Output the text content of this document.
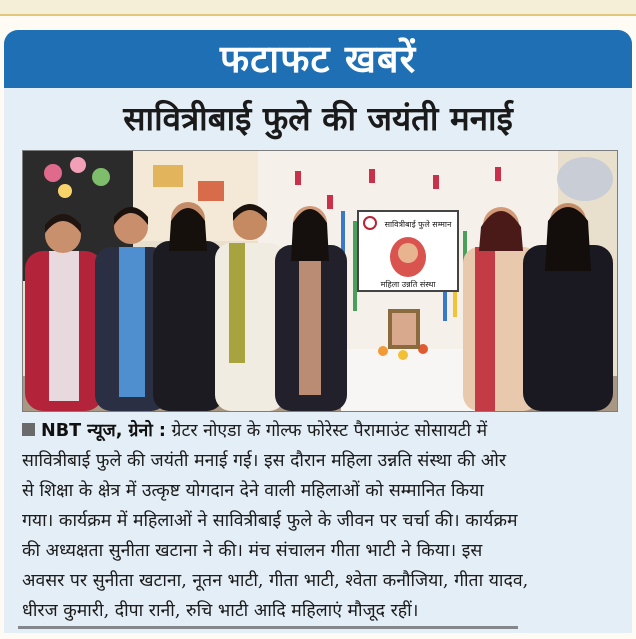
फटाफट खबरें
सावित्रीबाई फुले की जयंती मनाई
सावित्रीबाई फुले सम्मान
महिला उन्नति संस्था
NBT न्यूज, ग्रेनो : ग्रेटर नोएडा के गोल्फ फोरेस्ट पैरामाउंट सोसायटी में
सावित्रीबाई फुले की जयंती मनाई गई। इस दौरान महिला उन्नति संस्था की ओर
से शिक्षा के क्षेत्र में उत्कृष्ट योगदान देने वाली महिलाओं को सम्मानित किया
गया। कार्यक्रम में महिलाओं ने सावित्रीबाई फुले के जीवन पर चर्चा की। कार्यक्रम
की अध्यक्षता सुनीता खटाना ने की। मंच संचालन गीता भाटी ने किया। इस
अवसर पर सुनीता खटाना, नूतन भाटी, गीता भाटी, श्वेता कनौजिया, गीता यादव,
धीरज कुमारी, दीपा रानी, रुचि भाटी आदि महिलाएं मौजूद रहीं।
